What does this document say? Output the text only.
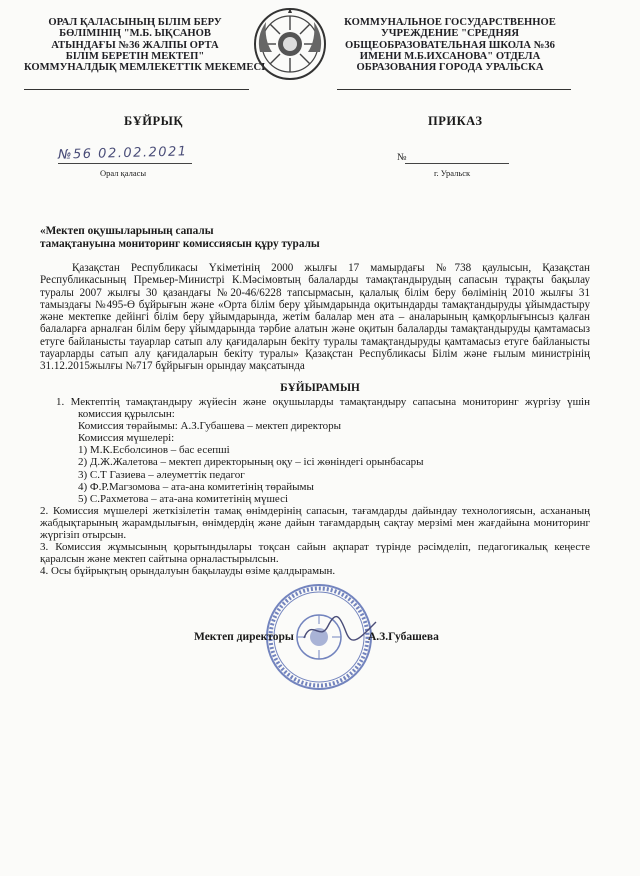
ОРАЛ ҚАЛАСЫНЫҢ БІЛІМ БЕРУ
БӨЛІМІНІҢ "М.Б. ЫҚСАНОВ
АТЫНДАҒЫ №36 ЖАЛПЫ ОРТА
БІЛІМ БЕРЕТІН МЕКТЕП"
КОММУНАЛДЫҚ МЕМЛЕКЕТТІК МЕКЕМЕСІ
КОММУНАЛЬНОЕ ГОСУДАРСТВЕННОЕ
УЧРЕЖДЕНИЕ "СРЕДНЯЯ
ОБЩЕОБРАЗОВАТЕЛЬНАЯ ШКОЛА №36
ИМЕНИ М.Б.ИХСАНОВА" ОТДЕЛА
ОБРАЗОВАНИЯ ГОРОДА УРАЛЬСКА
БҰЙРЫҚ	ПРИКАЗ
№56 02.02.2021	№
Орал қаласы	г. Уральск
«Мектеп оқушыларының сапалы
тамақтануына мониторинг комиссиясын құру туралы
Қазақстан Республикасы Үкіметінің 2000 жылғы 17 мамырдағы №738 қаулысын, Қазақстан Республикасының Премьер-Министрі К.Мәсімовтың балаларды тамақтандырудың сапасын тұрақты бақылау туралы 2007 жылғы 30 қазандағы №20-46/6228 тапсырмасын, қалалық білім беру бөлімінің 2010 жылғы 31 тамыздағы №495-Ө бұйрығын және «Орта білім беру ұйымдарында оқитындарды тамақтандыруды ұйымдастыру және мектепке дейінгі білім беру ұйымдарында, жетім балалар мен ата – аналарының қамқорлығынсыз қалған балаларға арналған білім беру ұйымдарында тәрбие алатын және оқитын балаларды тамақтандыруды қамтамасыз етуге байланысты тауарлар сатып алу қағидаларын бекіту туралы тамақтандыруды қамтамасыз етуге байланысты тауарларды сатып алу қағидаларын бекіту туралы» Қазақстан Республикасы Білім және ғылым министрінің 31.12.2015жылғы №717 бұйрығын орындау мақсатында
БҰЙЫРАМЫН
1. Мектептің тамақтандыру жүйесін және оқушыларды тамақтандыру сапасына мониторинг жүргізу үшін комиссия құрылсын:
Комиссия төрайымы: А.З.Губашева – мектеп директоры
Комиссия мүшелері:
1) М.К.Есболсинов – бас есепші
2) Д.Ж.Жалетова – мектеп директорының оқу – ісі жөніндегі орынбасары
3) С.Т Газиева – әлеуметтік педагог
4) Ф.Р.Магзомова – ата-ана комитетінің төрайымы
5) С.Рахметова – ата-ана комитетінің мүшесі
2. Комиссия мүшелері жеткізілетін тамақ өнімдерінің сапасын, тағамдарды дайындау технологиясын, асхананың жабдықтарының жарамдылығын, өнімдердің және дайын тағамдардың сақтау мерзімі мен жағдайына мониторинг жүргізіп отырсын.
3. Комиссия жұмысының қорытындылары тоқсан сайын ақпарат түрінде рәсімделіп, педагогикалық кеңесте қаралсын және мектеп сайтына орналастырылсын.
4. Осы бұйрықтың орындалуын бақылауды өзіме қалдырамын.
Мектеп директоры	А.З.Губашева
